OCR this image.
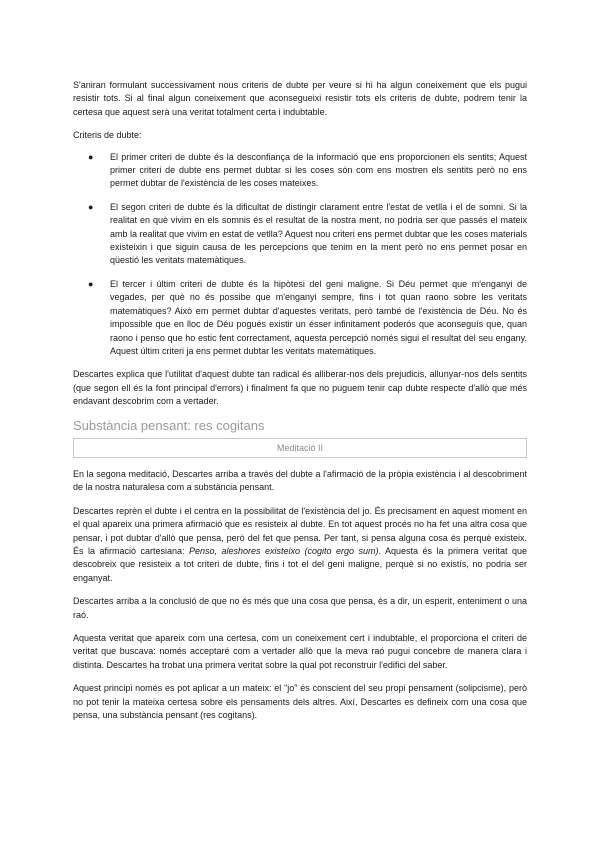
S'aniran formulant successivament nous criteris de dubte per veure si hi ha algun coneixement que els pugui resistir tots. Si al final algun coneixement que aconsegueixi resistir tots els criteris de dubte, podrem tenir la certesa que aquest serà una veritat totalment certa i indubtable.

Criteris de dubte:

● El primer criteri de dubte és la desconfiança de la informació que ens proporcionen els sentits; Aquest primer criteri de dubte ens permet dubtar si les coses són com ens mostren els sentits però no ens permet dubtar de l'existència de les coses mateixes.
● El segon criteri de dubte és la dificultat de distingir clarament entre l'estat de vetlla i el de somni. Si la realitat en què vivim en els somnis és el resultat de la nostra ment, no podria ser que passés el mateix amb la realitat que vivim en estat de vetlla? Aquest nou criteri ens permet dubtar que les coses materials existeixin i que siguin causa de les percepcions que tenim en la ment però no ens permet posar en qüestió les veritats matemàtiques.
● El tercer i últim criteri de dubte és la hipòtesi del geni maligne. Si Déu permet que m'enganyi de vegades, per què no és possibe que m'enganyi sempre, fins i tot quan raono sobre les veritats matemàtiques? Això em permet dubtar d'aquestes veritats, però també de l'existència de Déu. No és impossible que en lloc de Déu pogués existir un ésser infinitament poderós que aconseguís que, quan raono i penso que ho estic fent correctament, aquesta percepció només sigui el resultat del seu engany. Aquest últim criteri ja ens permet dubtar les veritats matemàtiques.

Descartes explica que l'utilitat d'aquest dubte tan radical és alliberar-nos dels prejudicis, allunyar-nos dels sentits (que segon ell és la font principal d'errors) i finalment fa que no puguem tenir cap dubte respecte d'allò que més endavant descobrim com a vertader.

Substància pensant: res cogitans
Meditació II

En la segona meditació, Descartes arriba a través del dubte a l'afirmació de la pròpia existència i al descobriment de la nostra naturalesa com a substància pensant.

Descartes reprèn el dubte i el centra en la possibilitat de l'existència del jo. És precisament en aquest moment en el qual apareix una primera afirmació que es resisteix al dubte. En tot aquest procés no ha fet una altra cosa que pensar, i pot dubtar d'allò que pensa, però del fet que pensa. Per tant, si pensa alguna cosa és perquè existeix. És la afirmació cartesiana: Penso, aleshores existeixo (cogito ergo sum). Aquesta és la primera veritat que descobreix que resisteix a tot criteri de dubte, fins i tot el del geni maligne, perquè si no existís, no podria ser enganyat.

Descartes arriba a la conclusió de que no és més que una cosa que pensa, és a dir, un esperit, enteniment o una raó.

Aquesta veritat que apareix com una certesa, com un coneixement cert i indubtable, el proporciona el criteri de veritat que buscava: només acceptaré com a vertader allò que la meva raó pugui concebre de manera clara i distinta. Descartes ha trobat una primera veritat sobre la qual pot reconstruir l'edifici del saber.

Aquest principi només es pot aplicar a un mateix: el "jo" és conscient del seu propi pensament (solipcisme), però no pot tenir la mateixa certesa sobre els pensaments dels altres. Així, Descartes es defineix com una cosa que pensa, una substància pensant (res cogitans).
